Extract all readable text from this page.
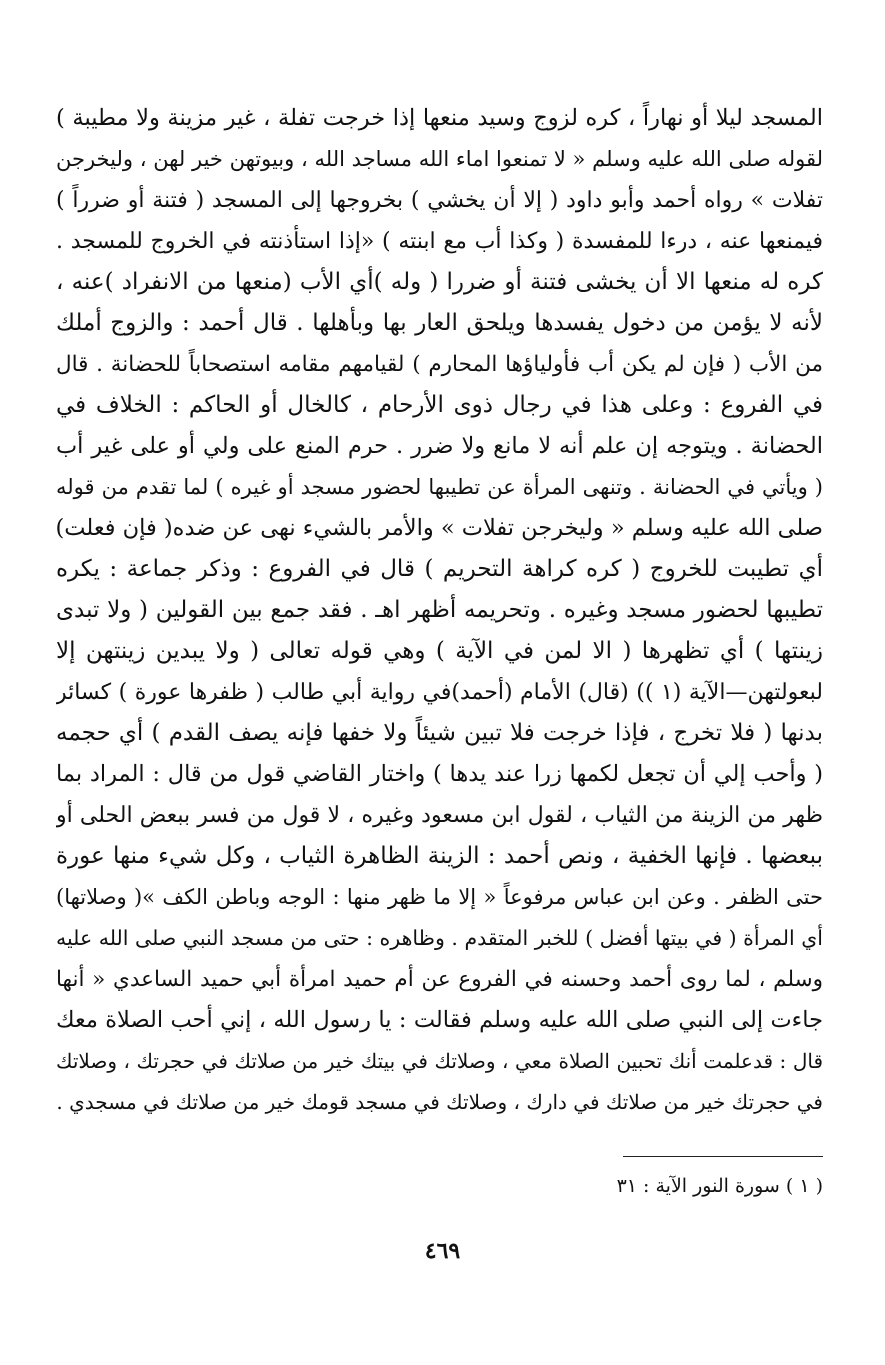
المسجد ليلا أو نهاراً ، كره لزوج وسيد منعها إذا خرجت تفلة ، غير مزينة ولا مطيبة )
لقوله صلى الله عليه وسلم « لا تمنعوا اماء الله مساجد الله ، وبيوتهن خير لهن ، وليخرجن
تفلات » رواه أحمد وأبو داود ( إلا أن يخشي ) بخروجها إلى المسجد ( فتنة أو ضرراً )
فيمنعها عنه ، درءا للمفسدة ( وكذا أب مع ابنته ) «إذا استأذنته في الخروج للمسجد .
كره له منعها الا أن يخشى فتنة أو ضررا ( وله )أي الأب (منعها من الانفراد )عنه ،
لأنه لا يؤمن من دخول يفسدها ويلحق العار بها وبأهلها . قال أحمد : والزوج أملك
من الأب ( فإن لم يكن أب فأولياؤها المحارم ) لقيامهم مقامه استصحاباً للحضانة . قال
في الفروع : وعلى هذا في رجال ذوى الأرحام ، كالخال أو الحاكم : الخلاف في
الحضانة . ويتوجه إن علم أنه لا مانع ولا ضرر . حرم المنع على ولي أو على غير أب
( ويأتي في الحضانة . وتنهى المرأة عن تطيبها لحضور مسجد أو غيره ) لما تقدم من قوله
صلى الله عليه وسلم « وليخرجن تفلات » والأمر بالشيء نهى عن ضده( فإن فعلت)
أي تطيبت للخروج ( كره كراهة التحريم ) قال في الفروع : وذكر جماعة : يكره
تطيبها لحضور مسجد وغيره . وتحريمه أظهر اهـ . فقد جمع بين القولين ( ولا تبدى
زينتها ) أي تظهرها ( الا لمن في الآية ) وهي قوله تعالى ( ولا يبدين زينتهن إلا
لبعولتهن—الآية (١ )) (قال) الأمام (أحمد)في رواية أبي طالب ( ظفرها عورة ) كسائر
بدنها ( فلا تخرج ، فإذا خرجت فلا تبين شيئاً ولا خفها فإنه يصف القدم ) أي حجمه
( وأحب إلي أن تجعل لكمها زرا عند يدها ) واختار القاضي قول من قال : المراد بما
ظهر من الزينة من الثياب ، لقول ابن مسعود وغيره ، لا قول من فسر ببعض الحلى أو
ببعضها . فإنها الخفية ، ونص أحمد : الزينة الظاهرة الثياب ، وكل شيء منها عورة
حتى الظفر . وعن ابن عباس مرفوعاً « إلا ما ظهر منها : الوجه وباطن الكف »( وصلاتها)
أي المرأة ( في بيتها أفضل ) للخبر المتقدم . وظاهره : حتى من مسجد النبي صلى الله عليه
وسلم ، لما روى أحمد وحسنه في الفروع عن أم حميد امرأة أبي حميد الساعدي « أنها
جاءت إلى النبي صلى الله عليه وسلم فقالت : يا رسول الله ، إني أحب الصلاة معك
قال : قدعلمت أنك تحبين الصلاة معي ، وصلاتك في بيتك خير من صلاتك في حجرتك ، وصلاتك
في حجرتك خير من صلاتك في دارك ، وصلاتك في مسجد قومك خير من صلاتك في مسجدي .
( ١ ) سورة النور الآية : ٣١
٤٦٩
